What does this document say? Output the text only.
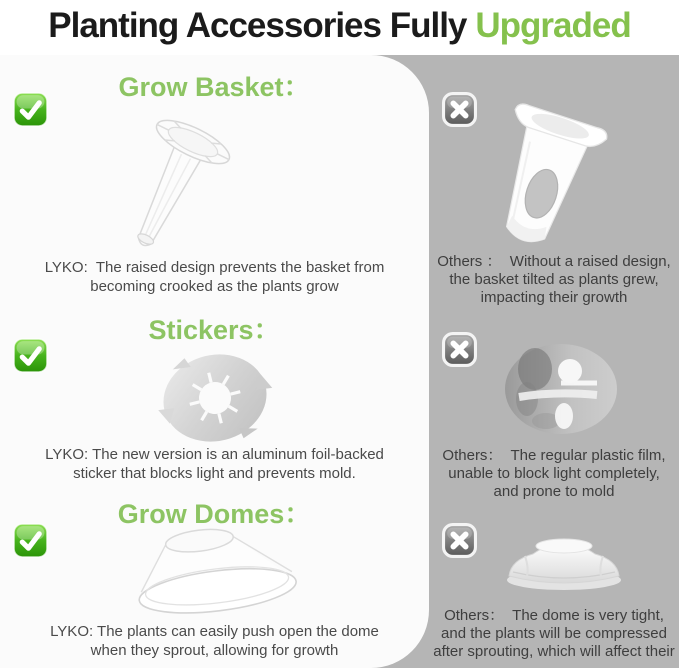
Planting Accessories Fully Upgraded
Grow Basket：

LYKO:  The raised design prevents the basket from
becoming crooked as the plants grow

Stickers：

LYKO: The new version is an aluminum foil-backed
sticker that blocks light and prevents mold.

Grow Domes：

LYKO: The plants can easily push open the dome
when they sprout, allowing for growth

Others ：  Without a raised design,
the basket tilted as plants grew,
impacting their growth

Others：  The regular plastic film,
unable to block light completely,
and prone to mold

Others：  The dome is very tight,
and the plants will be compressed
after sprouting, which will affect their
